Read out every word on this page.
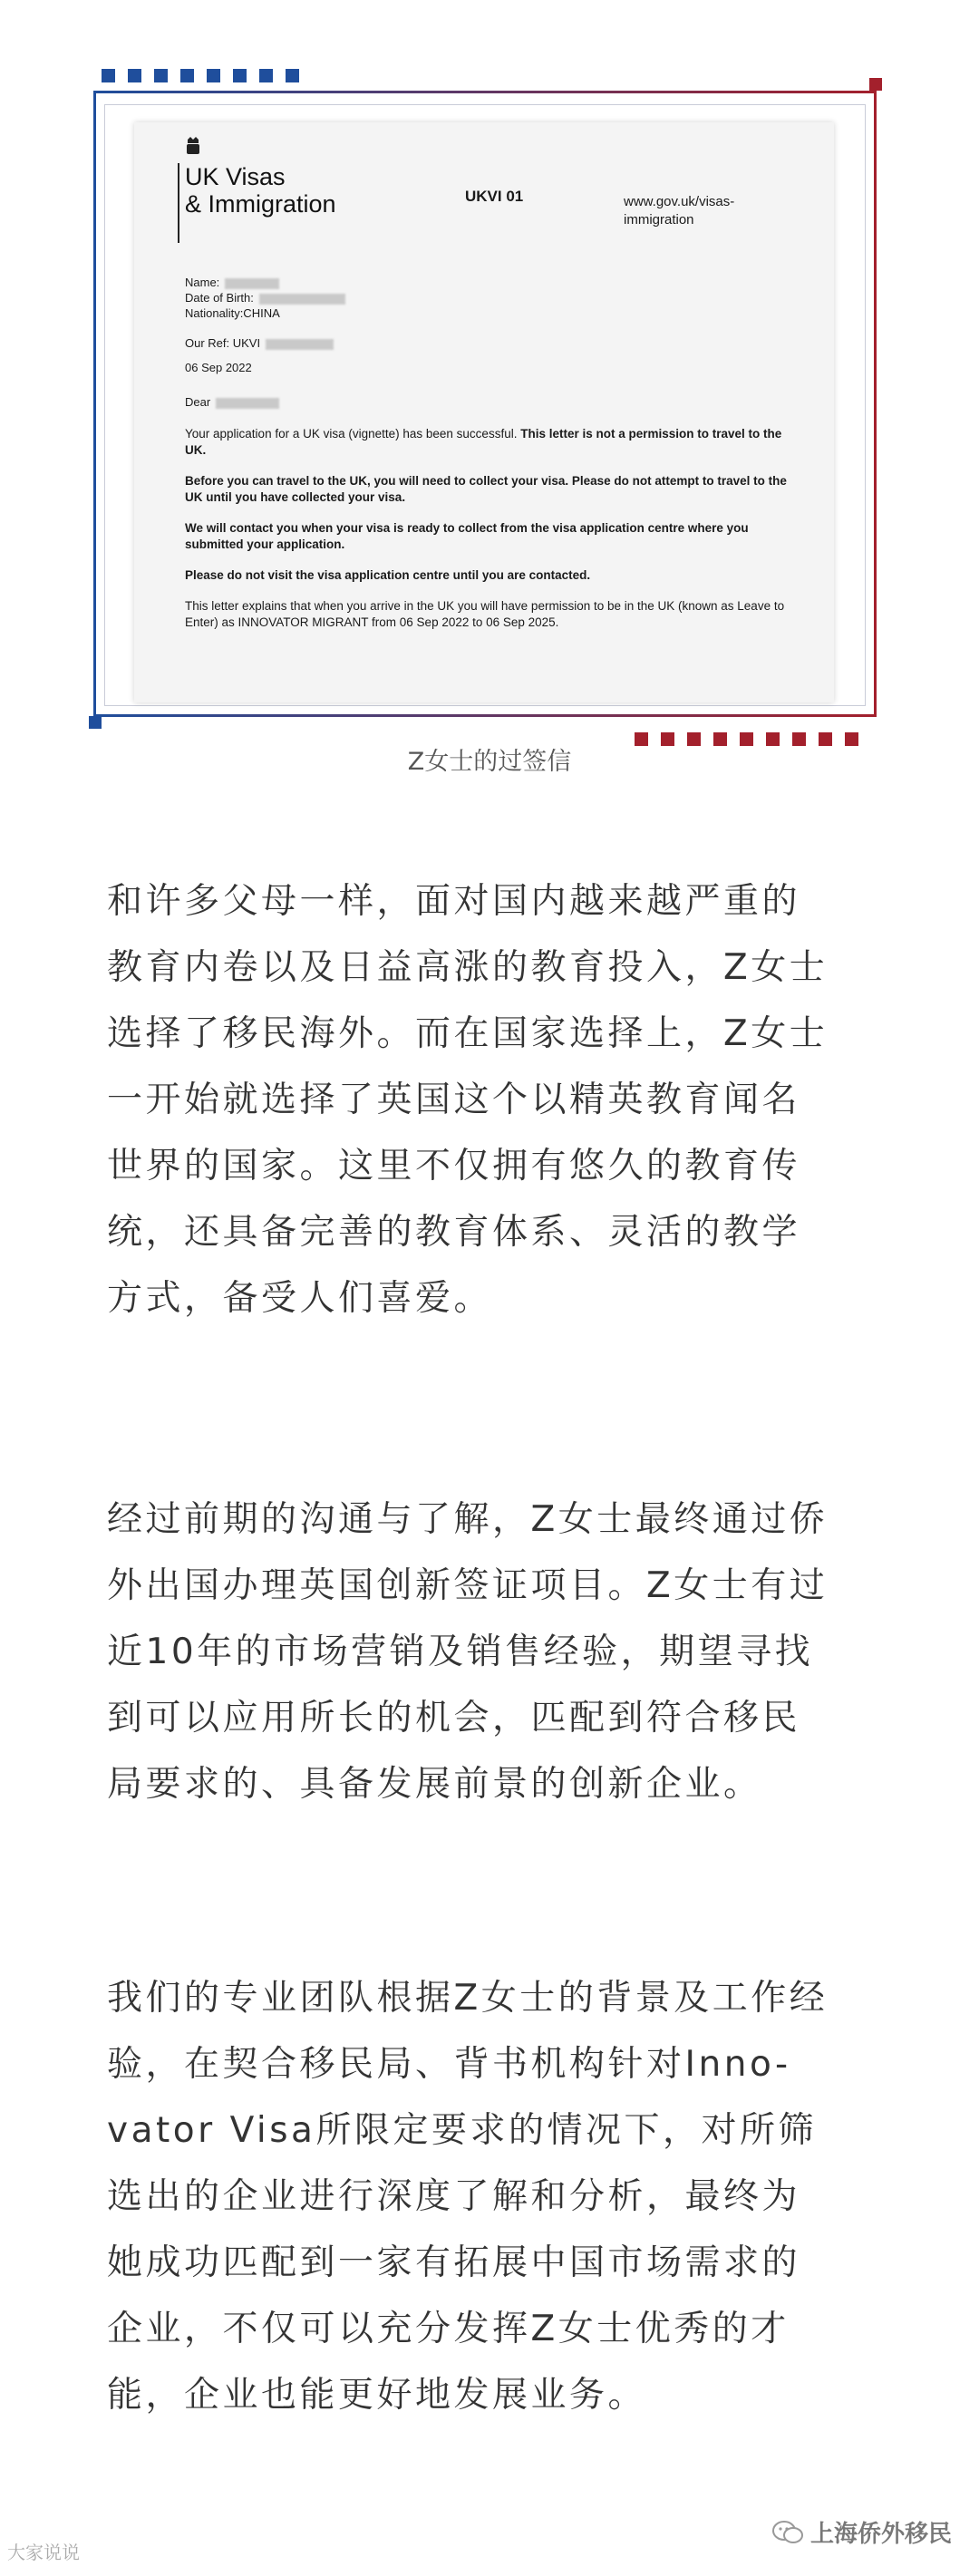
UK Visas
& Immigration	UKVI 01	www.gov.uk/visas-
immigration
Name:
Date of Birth:
Nationality:CHINA
Our Ref: UKVI
06 Sep 2022
Dear
Your application for a UK visa (vignette) has been successful. This letter is not a permission to travel to the UK.
Before you can travel to the UK, you will need to collect your visa. Please do not attempt to travel to the UK until you have collected your visa.
We will contact you when your visa is ready to collect from the visa application centre where you submitted your application.
Please do not visit the visa application centre until you are contacted.
This letter explains that when you arrive in the UK you will have permission to be in the UK (known as Leave to Enter) as INNOVATOR MIGRANT from 06 Sep 2022 to 06 Sep 2025.
Z女士的过签信

和许多父母一样，面对国内越来越严重的
教育内卷以及日益高涨的教育投入，Z女士
选择了移民海外。而在国家选择上，Z女士
一开始就选择了英国这个以精英教育闻名
世界的国家。这里不仅拥有悠久的教育传
统，还具备完善的教育体系、灵活的教学
方式，备受人们喜爱。

经过前期的沟通与了解，Z女士最终通过侨
外出国办理英国创新签证项目。Z女士有过
近10年的市场营销及销售经验，期望寻找
到可以应用所长的机会，匹配到符合移民
局要求的、具备发展前景的创新企业。

我们的专业团队根据Z女士的背景及工作经
验，在契合移民局、背书机构针对Inno-
vator Visa所限定要求的情况下，对所筛
选出的企业进行深度了解和分析，最终为
她成功匹配到一家有拓展中国市场需求的
企业，不仅可以充分发挥Z女士优秀的才
能，企业也能更好地发展业务。

上海侨外移民
大家说说
